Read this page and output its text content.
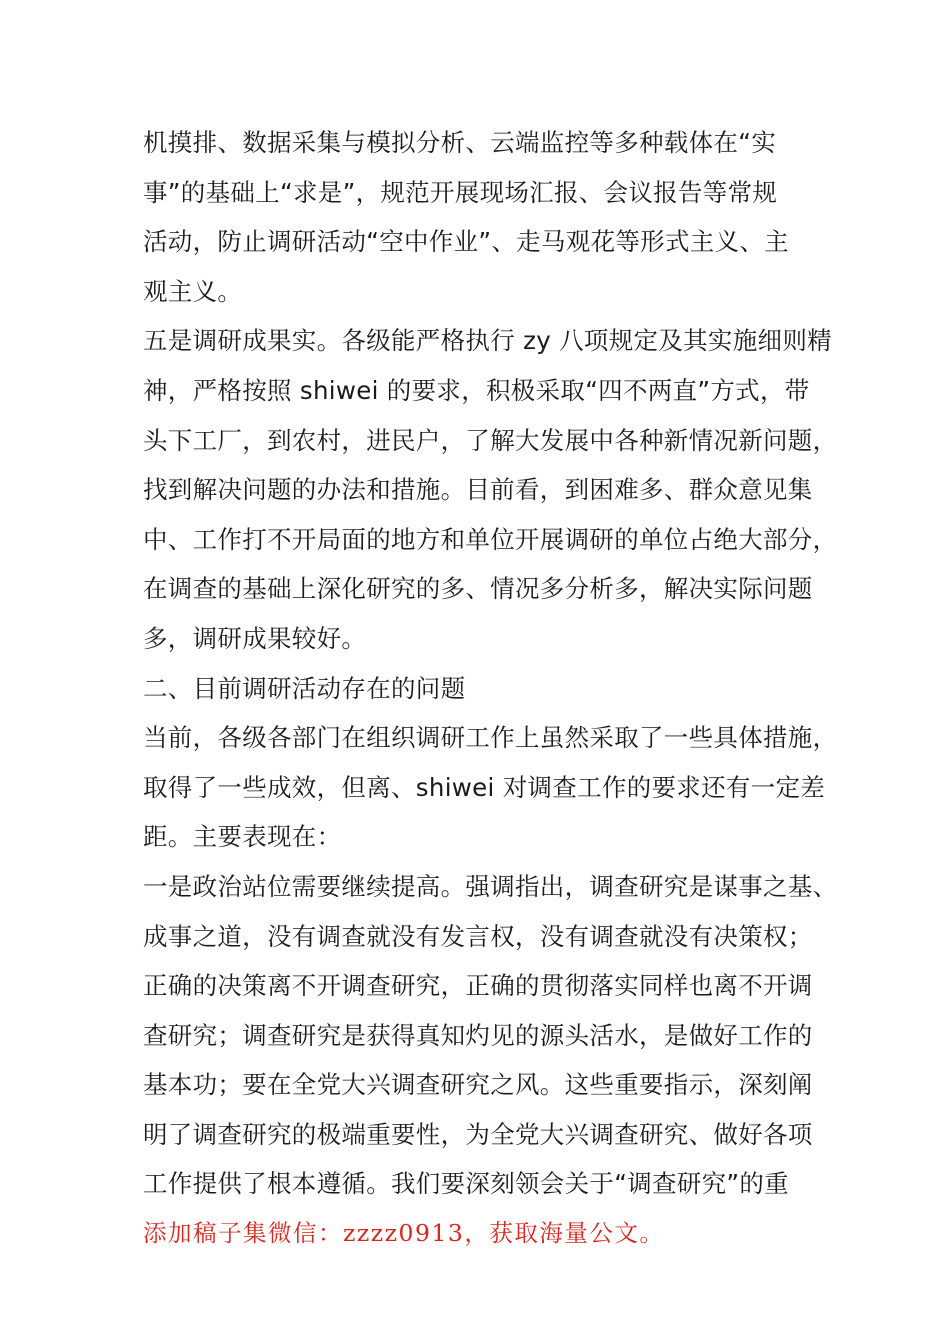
机摸排、数据采集与模拟分析、云端监控等多种载体在“实
事”的基础上“求是”，规范开展现场汇报、会议报告等常规
活动，防止调研活动“空中作业”、走马观花等形式主义、主
观主义。
五是调研成果实。各级能严格执行 zy 八项规定及其实施细则精
神，严格按照 shiwei 的要求，积极采取“四不两直”方式，带
头下工厂，到农村，进民户，了解大发展中各种新情况新问题，
找到解决问题的办法和措施。目前看，到困难多、群众意见集
中、工作打不开局面的地方和单位开展调研的单位占绝大部分，
在调查的基础上深化研究的多、情况多分析多，解决实际问题
多，调研成果较好。
二、目前调研活动存在的问题
当前，各级各部门在组织调研工作上虽然采取了一些具体措施，
取得了一些成效，但离、shiwei 对调查工作的要求还有一定差
距。主要表现在：
一是政治站位需要继续提高。强调指出，调查研究是谋事之基、
成事之道，没有调查就没有发言权，没有调查就没有决策权；
正确的决策离不开调查研究，正确的贯彻落实同样也离不开调
查研究；调查研究是获得真知灼见的源头活水，是做好工作的
基本功；要在全党大兴调查研究之风。这些重要指示，深刻阐
明了调查研究的极端重要性，为全党大兴调查研究、做好各项
工作提供了根本遵循。我们要深刻领会关于“调查研究”的重
添加稿子集微信：zzzz0913，获取海量公文。
